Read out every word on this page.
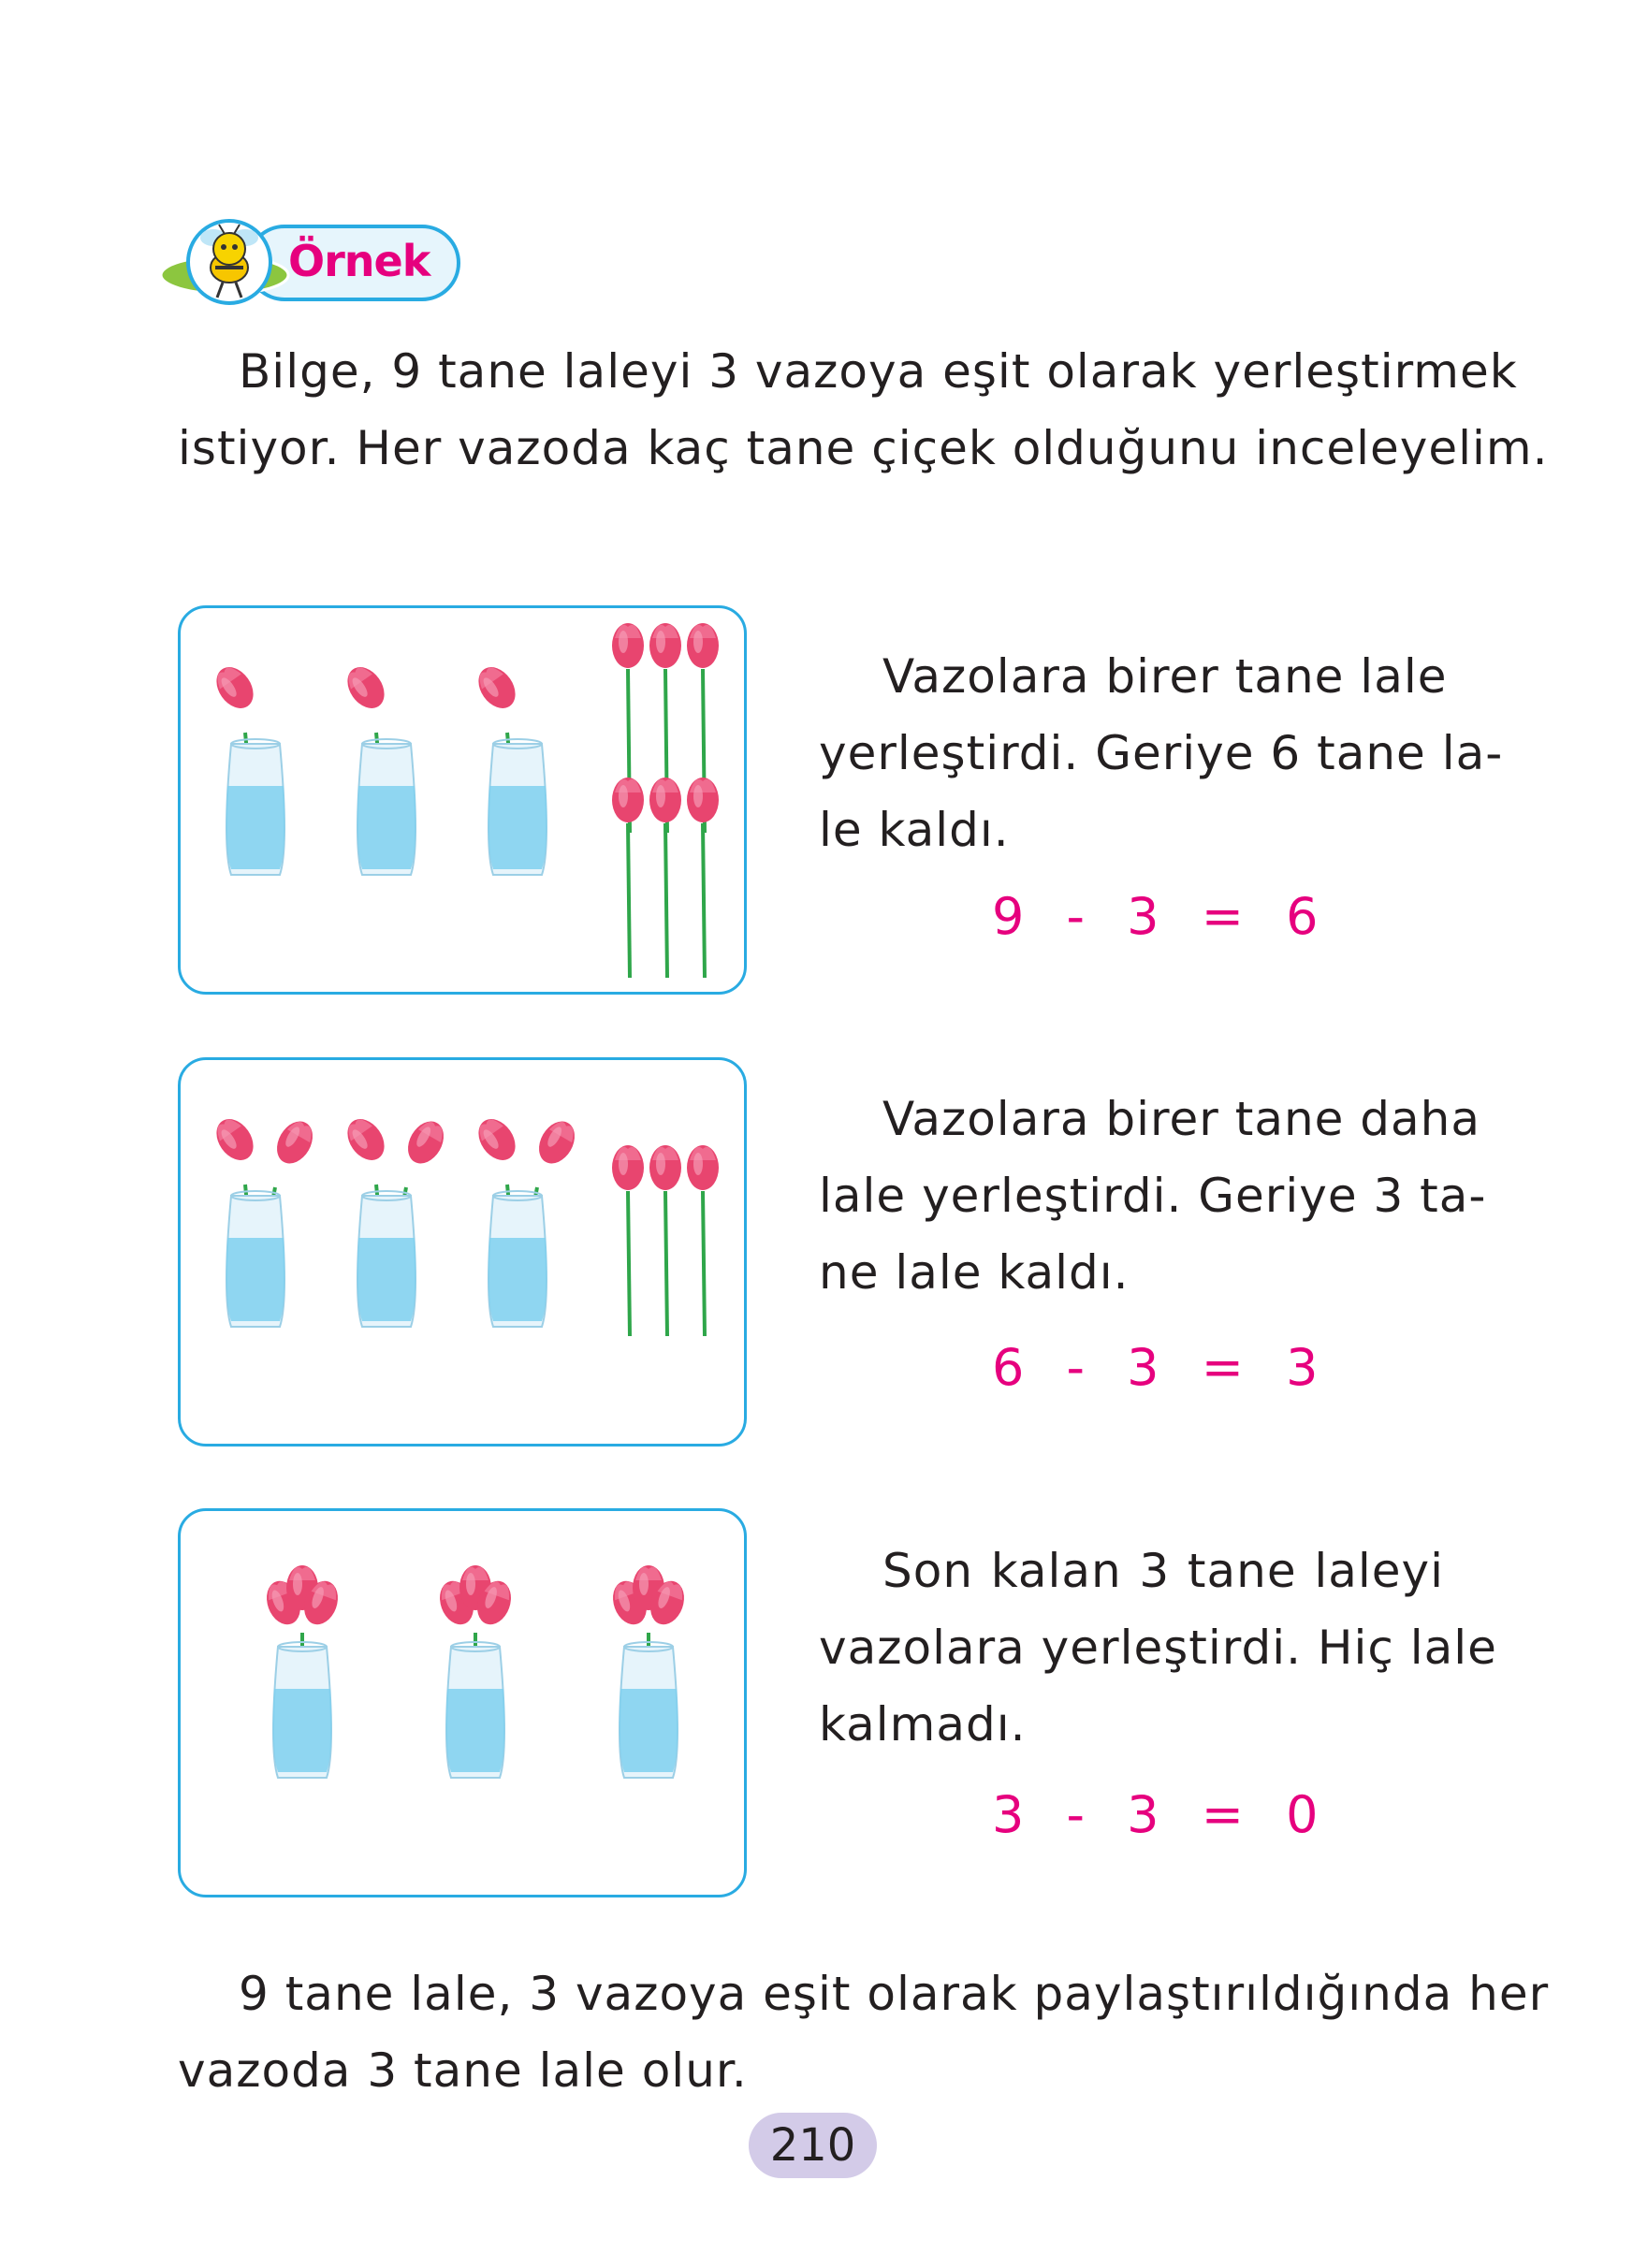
Örnek
Bilge, 9 tane laleyi 3 vazoya eşit olarak yerleştirmek
istiyor. Her vazoda kaç tane çiçek olduğunu inceleyelim.
Vazolara birer tane lale
yerleştirdi. Geriye 6 tane la-
le kaldı.
9 - 3 = 6
Vazolara birer tane daha
lale yerleştirdi. Geriye 3 ta-
ne lale kaldı.
6 - 3 = 3
Son kalan 3 tane laleyi
vazolara yerleştirdi. Hiç lale
kalmadı.
3 - 3 = 0
9 tane lale, 3 vazoya eşit olarak paylaştırıldığında her
vazoda 3 tane lale olur.
210
